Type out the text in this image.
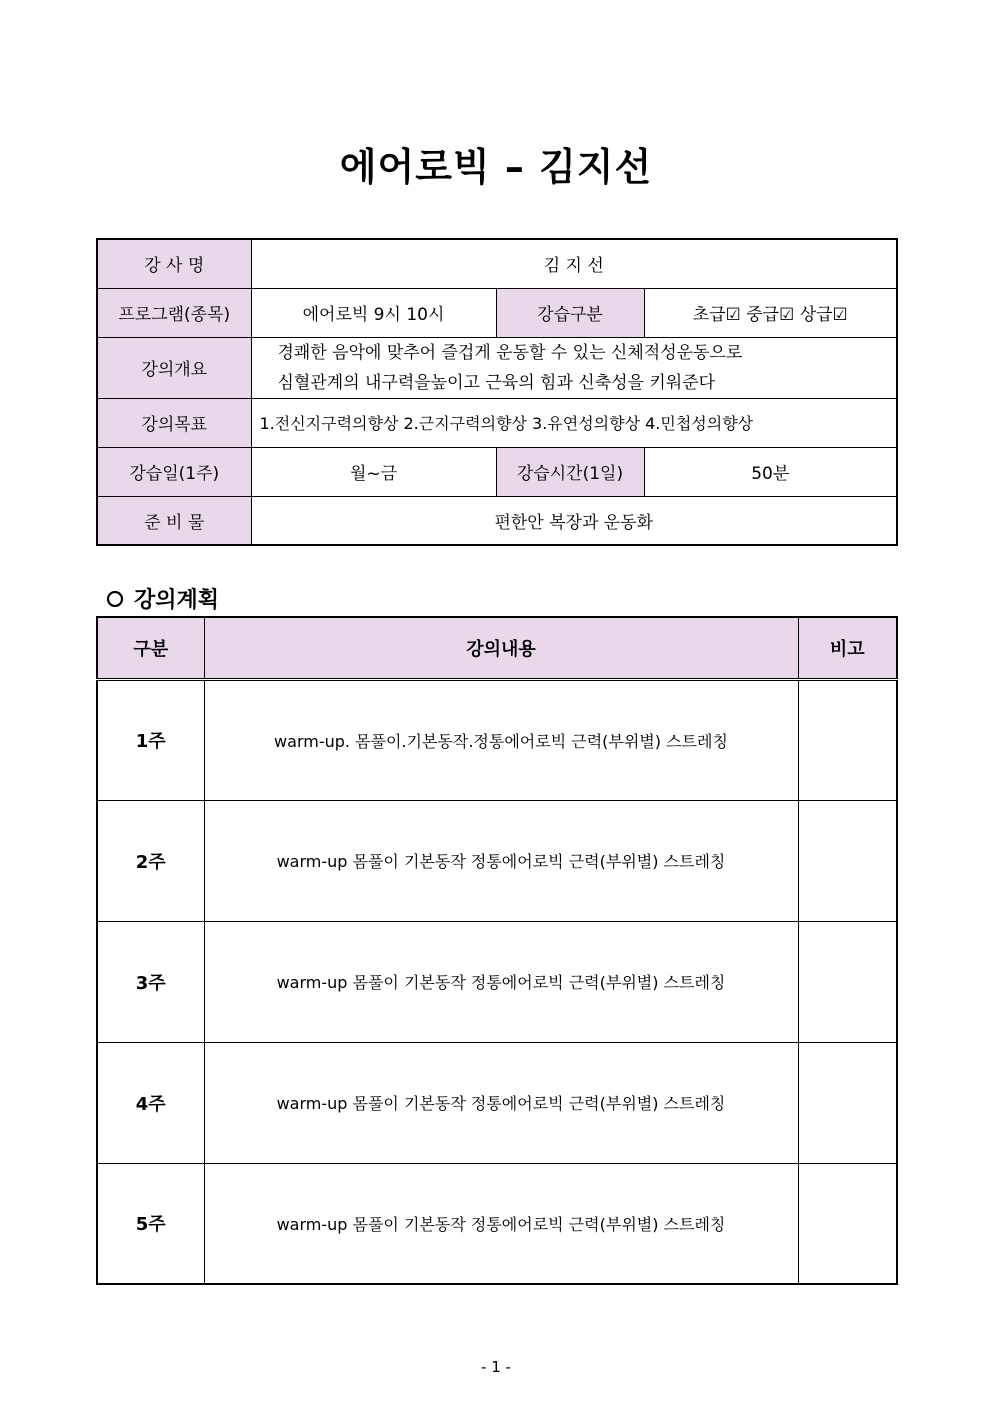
에어로빅 – 김지선
강 사 명	김 지 선		
프로그램(종목)	에어로빅 9시 10시	강습구분	초급☑ 중급☑ 상급☑
강의개요	경쾌한 음악에 맞추어 즐겁게 운동할 수 있는 신체적성운동으로
심혈관계의 내구력을높이고 근육의 힘과 신축성을 키워준다		

강의목표	1.전신지구력의향상 2.근지구력의향상 3.유연성의향상 4.민첩성의향상		
강습일(1주)	월~금	강습시간(1일)	50분
준 비 물	편한안 복장과 운동화		
강의계획
구분	강의내용	비고
1주	warm-up. 몸풀이.기본동작.정통에어로빅 근력(부위별) 스트레칭	
2주	warm-up 몸풀이 기본동작 정통에어로빅 근력(부위별) 스트레칭	
3주	warm-up 몸풀이 기본동작 정통에어로빅 근력(부위별) 스트레칭	
4주	warm-up 몸풀이 기본동작 정통에어로빅 근력(부위별) 스트레칭	
5주	warm-up 몸풀이 기본동작 정통에어로빅 근력(부위별) 스트레칭	
- 1 -
